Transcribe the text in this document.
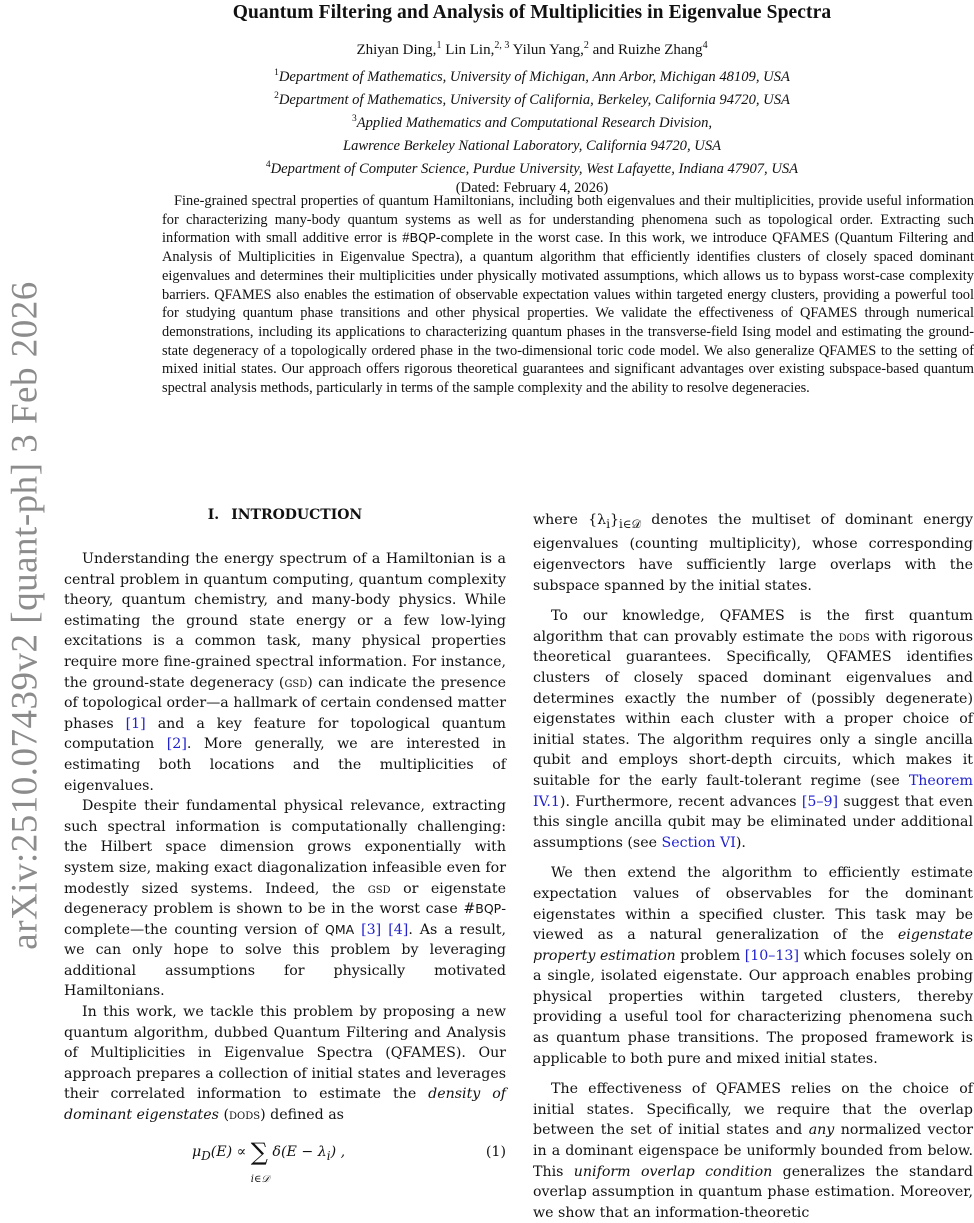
arXiv:2510.07439v2 [quant-ph] 3 Feb 2026
Quantum Filtering and Analysis of Multiplicities in Eigenvalue Spectra
Zhiyan Ding,$^1$ Lin Lin,$^{2, 3}$ Yilun Yang,$^2$ and Ruizhe Zhang$^4$
$^1$Department of Mathematics, University of Michigan, Ann Arbor, Michigan 48109, USA
$^2$Department of Mathematics, University of California, Berkeley, California 94720, USA
$^3$Applied Mathematics and Computational Research Division,
Lawrence Berkeley National Laboratory, California 94720, USA
$^4$Department of Computer Science, Purdue University, West Lafayette, Indiana 47907, USA
(Dated: February 4, 2026)

Fine-grained spectral properties of quantum Hamiltonians, including both eigenvalues and their multiplicities, provide useful information for characterizing many-body quantum systems as well as for understanding phenomena such as topological order. Extracting such information with small additive error is #BQP-complete in the worst case. In this work, we introduce QFAMES (Quantum Filtering and Analysis of Multiplicities in Eigenvalue Spectra), a quantum algorithm that efficiently identifies clusters of closely spaced dominant eigenvalues and determines their multiplicities under physically motivated assumptions, which allows us to bypass worst-case complexity barriers. QFAMES also enables the estimation of observable expectation values within targeted energy clusters, providing a powerful tool for studying quantum phase transitions and other physical properties. We validate the effectiveness of QFAMES through numerical demonstrations, including its applications to characterizing quantum phases in the transverse-field Ising model and estimating the ground-state degeneracy of a topologically ordered phase in the two-dimensional toric code model. We also generalize QFAMES to the setting of mixed initial states. Our approach offers rigorous theoretical guarantees and significant advantages over existing subspace-based quantum spectral analysis methods, particularly in terms of the sample complexity and the ability to resolve degeneracies.

I. INTRODUCTION

Understanding the energy spectrum of a Hamiltonian is a central problem in quantum computing, quantum complexity theory, quantum chemistry, and many-body physics. While estimating the ground state energy or a few low-lying excitations is a common task, many physical properties require more fine-grained spectral information. For instance, the ground-state degeneracy (gsd) can indicate the presence of topological order—a hallmark of certain condensed matter phases [1] and a key feature for topological quantum computation [2]. More generally, we are interested in estimating both locations and the multiplicities of eigenvalues.

Despite their fundamental physical relevance, extracting such spectral information is computationally challenging: the Hilbert space dimension grows exponentially with system size, making exact diagonalization infeasible even for modestly sized systems. Indeed, the gsd or eigenstate degeneracy problem is shown to be in the worst case #BQP-complete—the counting version of QMA [3] [4]. As a result, we can only hope to solve this problem by leveraging additional assumptions for physically motivated Hamiltonians.

In this work, we tackle this problem by proposing a new quantum algorithm, dubbed Quantum Filtering and Analysis of Multiplicities in Eigenvalue Spectra (QFAMES). Our approach prepares a collection of initial states and leverages their correlated information to estimate the density of dominant eigenstates (dods) defined as

$\mu_D(E)$ ∝ ∑
i∈𝒟
$\delta(E - \lambda_i)$ ,	(1)

where $\{\lambda_i\}_{i\in 𝒟}$ denotes the multiset of dominant energy eigenvalues (counting multiplicity), whose corresponding eigenvectors have sufficiently large overlaps with the subspace spanned by the initial states.

To our knowledge, QFAMES is the first quantum algorithm that can provably estimate the dods with rigorous theoretical guarantees. Specifically, QFAMES identifies clusters of closely spaced dominant eigenvalues and determines exactly the number of (possibly degenerate) eigenstates within each cluster with a proper choice of initial states. The algorithm requires only a single ancilla qubit and employs short-depth circuits, which makes it suitable for the early fault-tolerant regime (see Theorem IV.1). Furthermore, recent advances [5–9] suggest that even this single ancilla qubit may be eliminated under additional assumptions (see Section VI).

We then extend the algorithm to efficiently estimate expectation values of observables for the dominant eigenstates within a specified cluster. This task may be viewed as a natural generalization of the eigenstate property estimation problem [10–13] which focuses solely on a single, isolated eigenstate. Our approach enables probing physical properties within targeted clusters, thereby providing a useful tool for characterizing phenomena such as quantum phase transitions. The proposed framework is applicable to both pure and mixed initial states.

The effectiveness of QFAMES relies on the choice of initial states. Specifically, we require that the overlap between the set of initial states and any normalized vector in a dominant eigenspace be uniformly bounded from below. This uniform overlap condition generalizes the standard overlap assumption in quantum phase estimation. Moreover, we show that an information-theoretic
